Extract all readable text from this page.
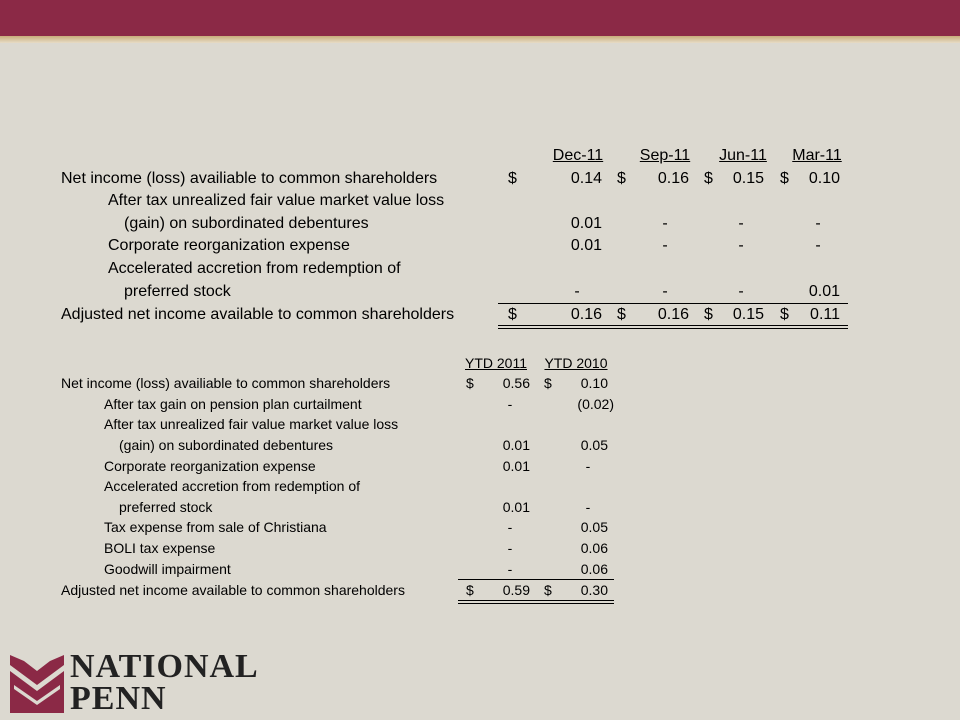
Dec-11	Sep-11	Jun-11	Mar-11
Net income (loss) availiable to common shareholders	$	0.14 $	0.16 $	0.15 $	0.10
After tax unrealized fair value market value loss
(gain) on subordinated debentures	0.01	-	-	-
Corporate reorganization expense	0.01	-	-	-
Accelerated accretion from redemption of
preferred stock	-	-	-	0.01
Adjusted net income available to common shareholders	$	0.16 $	0.16 $	0.15 $	0.11
YTD 2011	YTD 2010
Net income (loss) availiable to common shareholders	$	0.56 $	0.10
After tax gain on pension plan curtailment	-	(0.02)
After tax unrealized fair value market value loss
(gain) on subordinated debentures	0.01	0.05
Corporate reorganization expense	0.01	-
Accelerated accretion from redemption of
preferred stock	0.01	-
Tax expense from sale of Christiana	-	0.05
BOLI tax expense	-	0.06
Goodwill impairment	-	0.06
Adjusted net income available to common shareholders	$	0.59 $	0.30
NATIONAL
PENN
